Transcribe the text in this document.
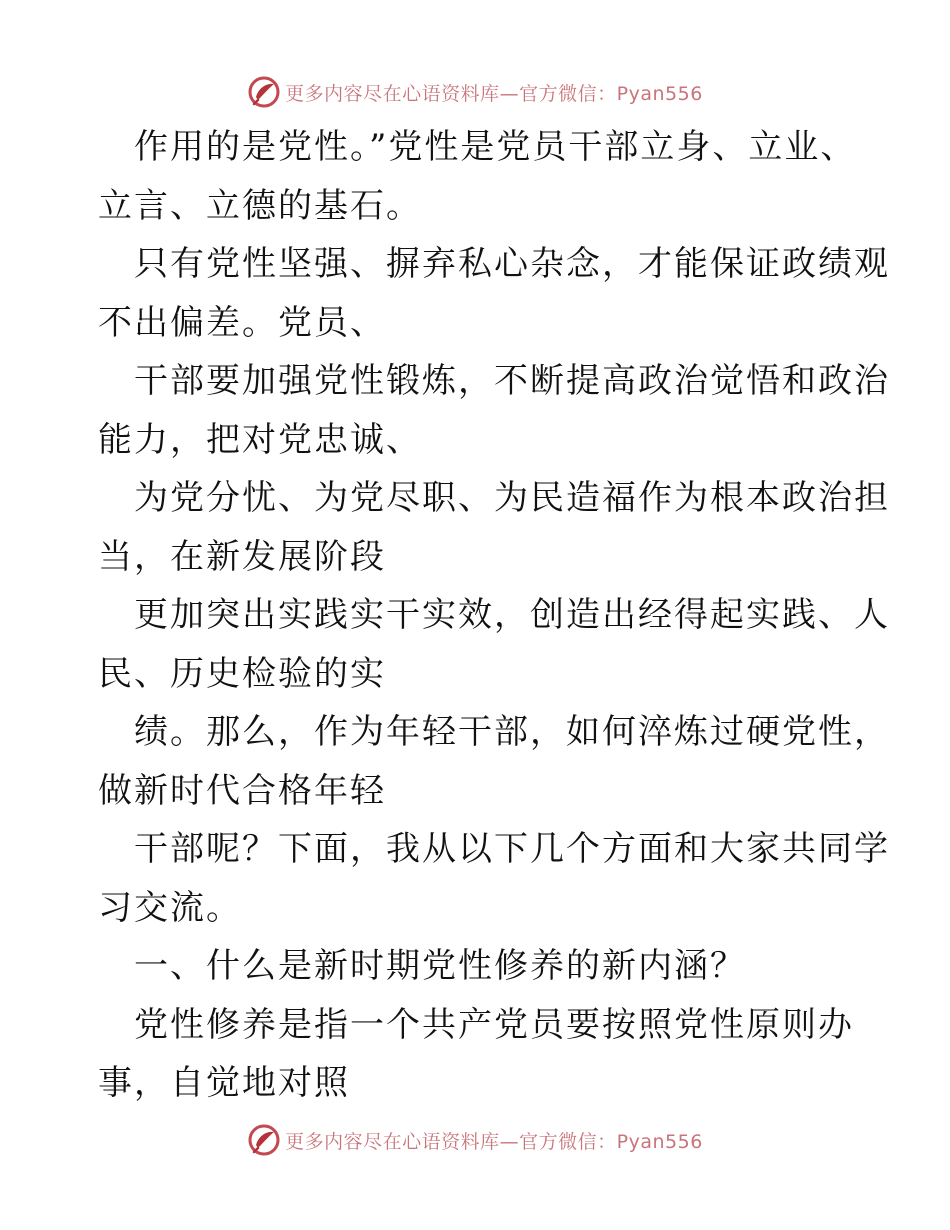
更多内容尽在心语资料库—官方微信：Pyan556
作用的是党性。”党性是党员干部立身、立业、
立言、立德的基石。
只有党性坚强、摒弃私心杂念，才能保证政绩观
不出偏差。党员、
干部要加强党性锻炼，不断提高政治觉悟和政治
能力，把对党忠诚、
为党分忧、为党尽职、为民造福作为根本政治担
当，在新发展阶段
更加突出实践实干实效，创造出经得起实践、人
民、历史检验的实
绩。那么，作为年轻干部，如何淬炼过硬党性，
做新时代合格年轻
干部呢？下面，我从以下几个方面和大家共同学
习交流。
一、什么是新时期党性修养的新内涵？
党性修养是指一个共产党员要按照党性原则办
事，自觉地对照
更多内容尽在心语资料库—官方微信：Pyan556
